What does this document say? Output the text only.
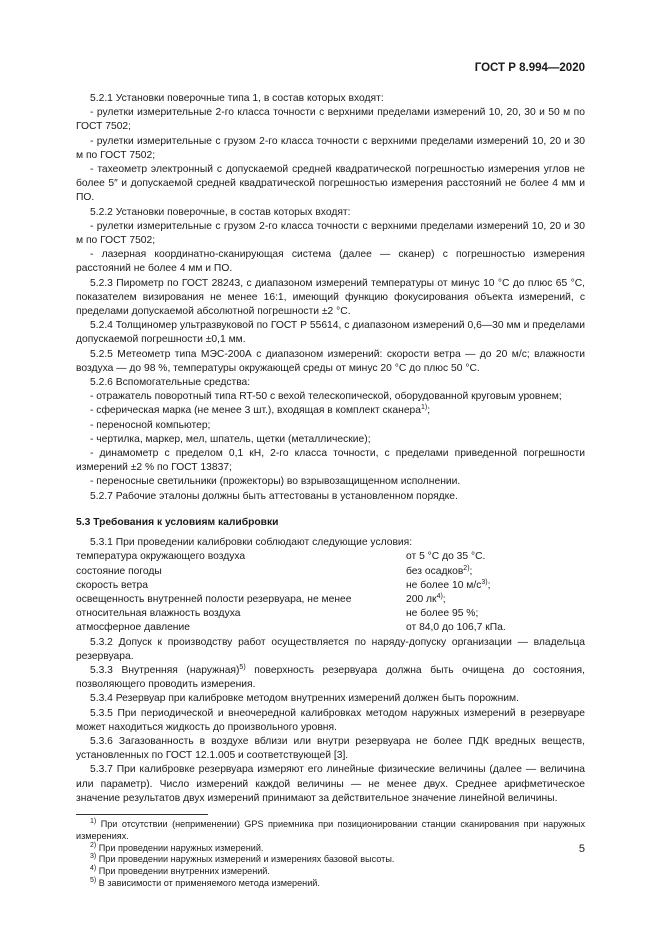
ГОСТ Р 8.994—2020

5.2.1 Установки поверочные типа 1, в состав которых входят:

- рулетки измерительные 2-го класса точности с верхними пределами измерений 10, 20, 30 и 50 м по ГОСТ 7502;

- рулетки измерительные с грузом 2-го класса точности с верхними пределами измерений 10, 20 и 30 м по ГОСТ 7502;

- тахеометр электронный с допускаемой средней квадратической погрешностью измерения углов не более 5″ и допускаемой средней квадратической погрешностью измерения расстояний не более 4 мм и ПО.

5.2.2 Установки поверочные, в состав которых входят:

- рулетки измерительные с грузом 2-го класса точности с верхними пределами измерений 10, 20 и 30 м по ГОСТ 7502;

- лазерная координатно-сканирующая система (далее — сканер) с погрешностью измерения расстояний не более 4 мм и ПО.

5.2.3 Пирометр по ГОСТ 28243, с диапазоном измерений температуры от минус 10 °С до плюс 65 °С, показателем визирования не менее 16:1, имеющий функцию фокусирования объекта измерений, с пределами допускаемой абсолютной погрешности ±2 °С.

5.2.4 Толщиномер ультразвуковой по ГОСТ Р 55614, с диапазоном измерений 0,6—30 мм и пределами допускаемой погрешности ±0,1 мм.

5.2.5 Метеометр типа МЭС-200А с диапазоном измерений: скорости ветра — до 20 м/с; влажности воздуха — до 98 %, температуры окружающей среды от минус 20 °С до плюс 50 °С.

5.2.6 Вспомогательные средства:

- отражатель поворотный типа RT-50 с вехой телескопической, оборудованной круговым уровнем;

- сферическая марка (не менее 3 шт.), входящая в комплект сканера$^{1)}$;

- переносной компьютер;

- чертилка, маркер, мел, шпатель, щетки (металлические);

- динамометр с пределом 0,1 кН, 2-го класса точности, с пределами приведенной погрешности измерений ±2 % по ГОСТ 13837;

- переносные светильники (прожекторы) во взрывозащищенном исполнении.

5.2.7 Рабочие эталоны должны быть аттестованы в установленном порядке.

5.3 Требования к условиям калибровки

5.3.1 При проведении калибровки соблюдают следующие условия:

температура окружающего воздуха	от 5 °С до 35 °С.
состояние погоды	без осадков$^{2)}$;
скорость ветра	не более 10 $м/с^{3)}$;
освещенность внутренней полости резервуара, не менее	200 $лк^{4)}$;
относительная влажность воздуха	не более 95 %;
атмосферное давление	от 84,0 до 106,7 кПа.

5.3.2 Допуск к производству работ осуществляется по наряду-допуску организации — владельца резервуара.

5.3.3 Внутренняя (наружная)$^{5)}$ поверхность резервуара должна быть очищена до состояния, позволяющего проводить измерения.

5.3.4 Резервуар при калибровке методом внутренних измерений должен быть порожним.

5.3.5 При периодической и внеочередной калибровках методом наружных измерений в резервуаре может находиться жидкость до произвольного уровня.

5.3.6 Загазованность в воздухе вблизи или внутри резервуара не более ПДК вредных веществ, установленных по ГОСТ 12.1.005 и соответствующей [3].

5.3.7 При калибровке резервуара измеряют его линейные физические величины (далее — величина или параметр). Число измерений каждой величины — не менее двух. Среднее арифметическое значение результатов двух измерений принимают за действительное значение линейной величины.

$^{1)}$ При отсутствии (неприменении) GPS приемника при позиционировании станции сканирования при наружных измерениях.

$^{2)}$ При проведении наружных измерений.

$^{3)}$ При проведении наружных измерений и измерениях базовой высоты.

$^{4)}$ При проведении внутренних измерений.

$^{5)}$ В зависимости от применяемого метода измерений.

5
